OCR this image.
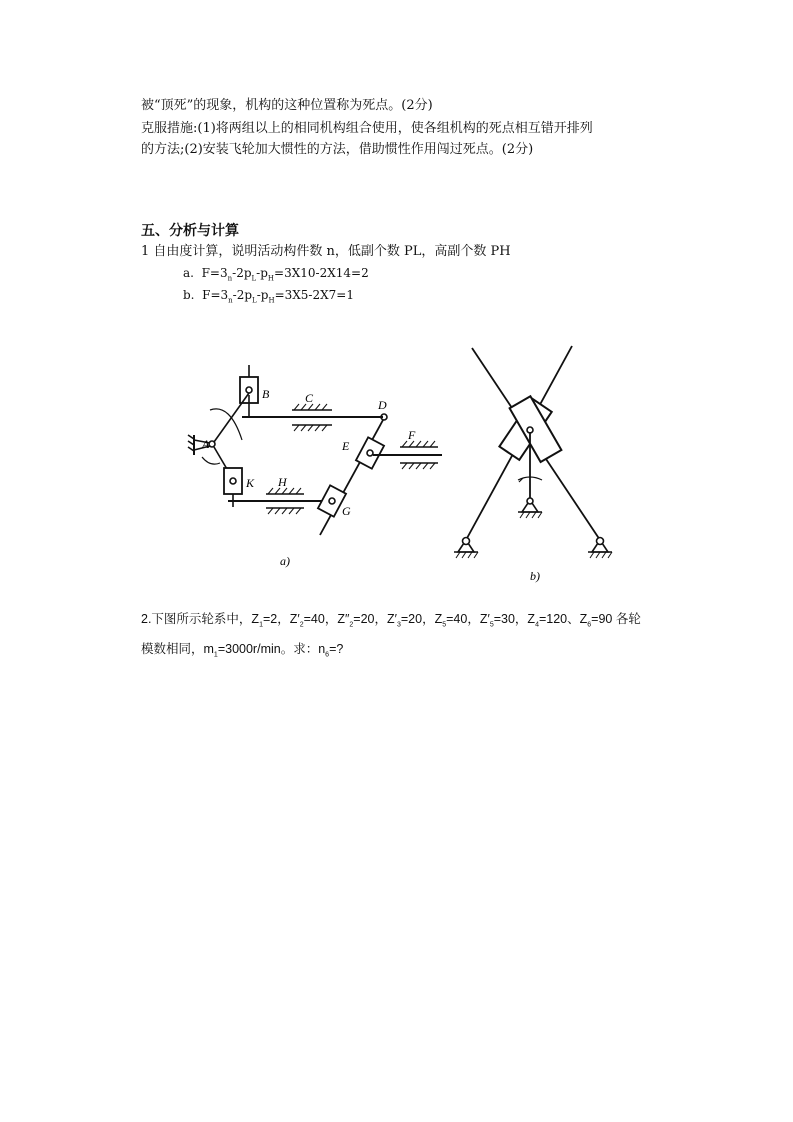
被“顶死”的现象，机构的这种位置称为死点。(2分)
克服措施:(1)将两组以上的相同机构组合使用，使各组机构的死点相互错开排列
的方法;(2)安装飞轮加大惯性的方法，借助惯性作用闯过死点。(2分)
五、分析与计算
1 自由度计算，说明活动构件数 n，低副个数 PL，高副个数 PH
a. $F=3_n-2p_L-p_H=3X10-2X14=2$
b. $F=3_n-2p_L-p_H=3X5-2X7=1$
B	C	D
A	E
F
K H
G
a)
b)
2.下图所示轮系中，$Z_1=2$，$Z'_2=40$，$Z''_2=20$，$Z'_3=20$，$Z_5=40$，$Z'_5=30$，$Z_4=120$、$Z_6=90$ 各轮
模数相同，$m_1=3000r/\min$。求：$n_6=$?
